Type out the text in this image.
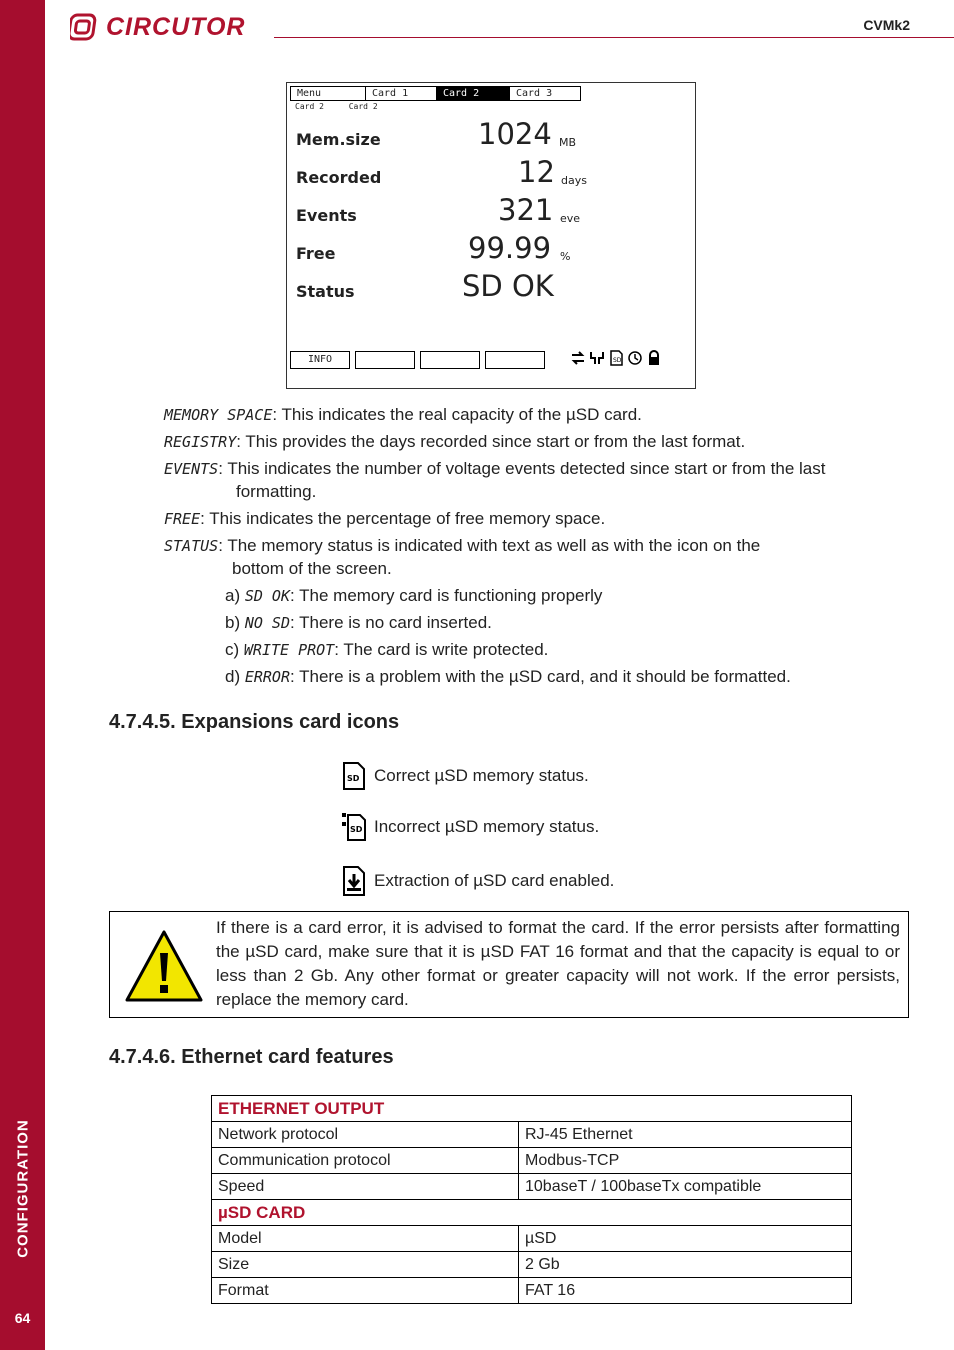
CONFIGURATION
64
CIRCUTOR	CVMk2
Menu	Card 1	Card 2	Card 3
Card 2	Card 2
Mem.size	1024 MB
Recorded	12 days
Events	321 eve
Free	99.99 %
Status	SD OK
INFO	SD
MEMORY SPACE: This indicates the real capacity of the µSD card.
REGISTRY: This provides the days recorded since start or from the last format.
EVENTS: This indicates the number of voltage events detected since start or from the last
formatting.
FREE: This indicates the percentage of free memory space.
STATUS: The memory status is indicated with text as well as with the icon on the
bottom of the screen.
a) SD OK: The memory card is functioning properly
b) NO SD: There is no card inserted.
c) WRITE PROT: The card is write protected.
d) ERROR: There is a problem with the µSD card, and it should be formatted.
4.7.4.5. Expansions card icons
SD Correct µSD memory status.
SD Incorrect µSD memory status.
Extraction of µSD card enabled.
If there is a card error, it is advised to format the card. If the error persists after formatting the µSD card, make sure that it is µSD FAT 16 format and that the capacity is equal to or less than 2 Gb. Any other format or greater capacity will not work. If the error persists, replace the memory card.
4.7.4.6. Ethernet card features
ETHERNET OUTPUT	
Network protocol	RJ-45 Ethernet
Communication protocol	Modbus-TCP
Speed	10baseT / 100baseTx compatible
µSD CARD	
Model	µSD
Size	2 Gb
Format	FAT 16
